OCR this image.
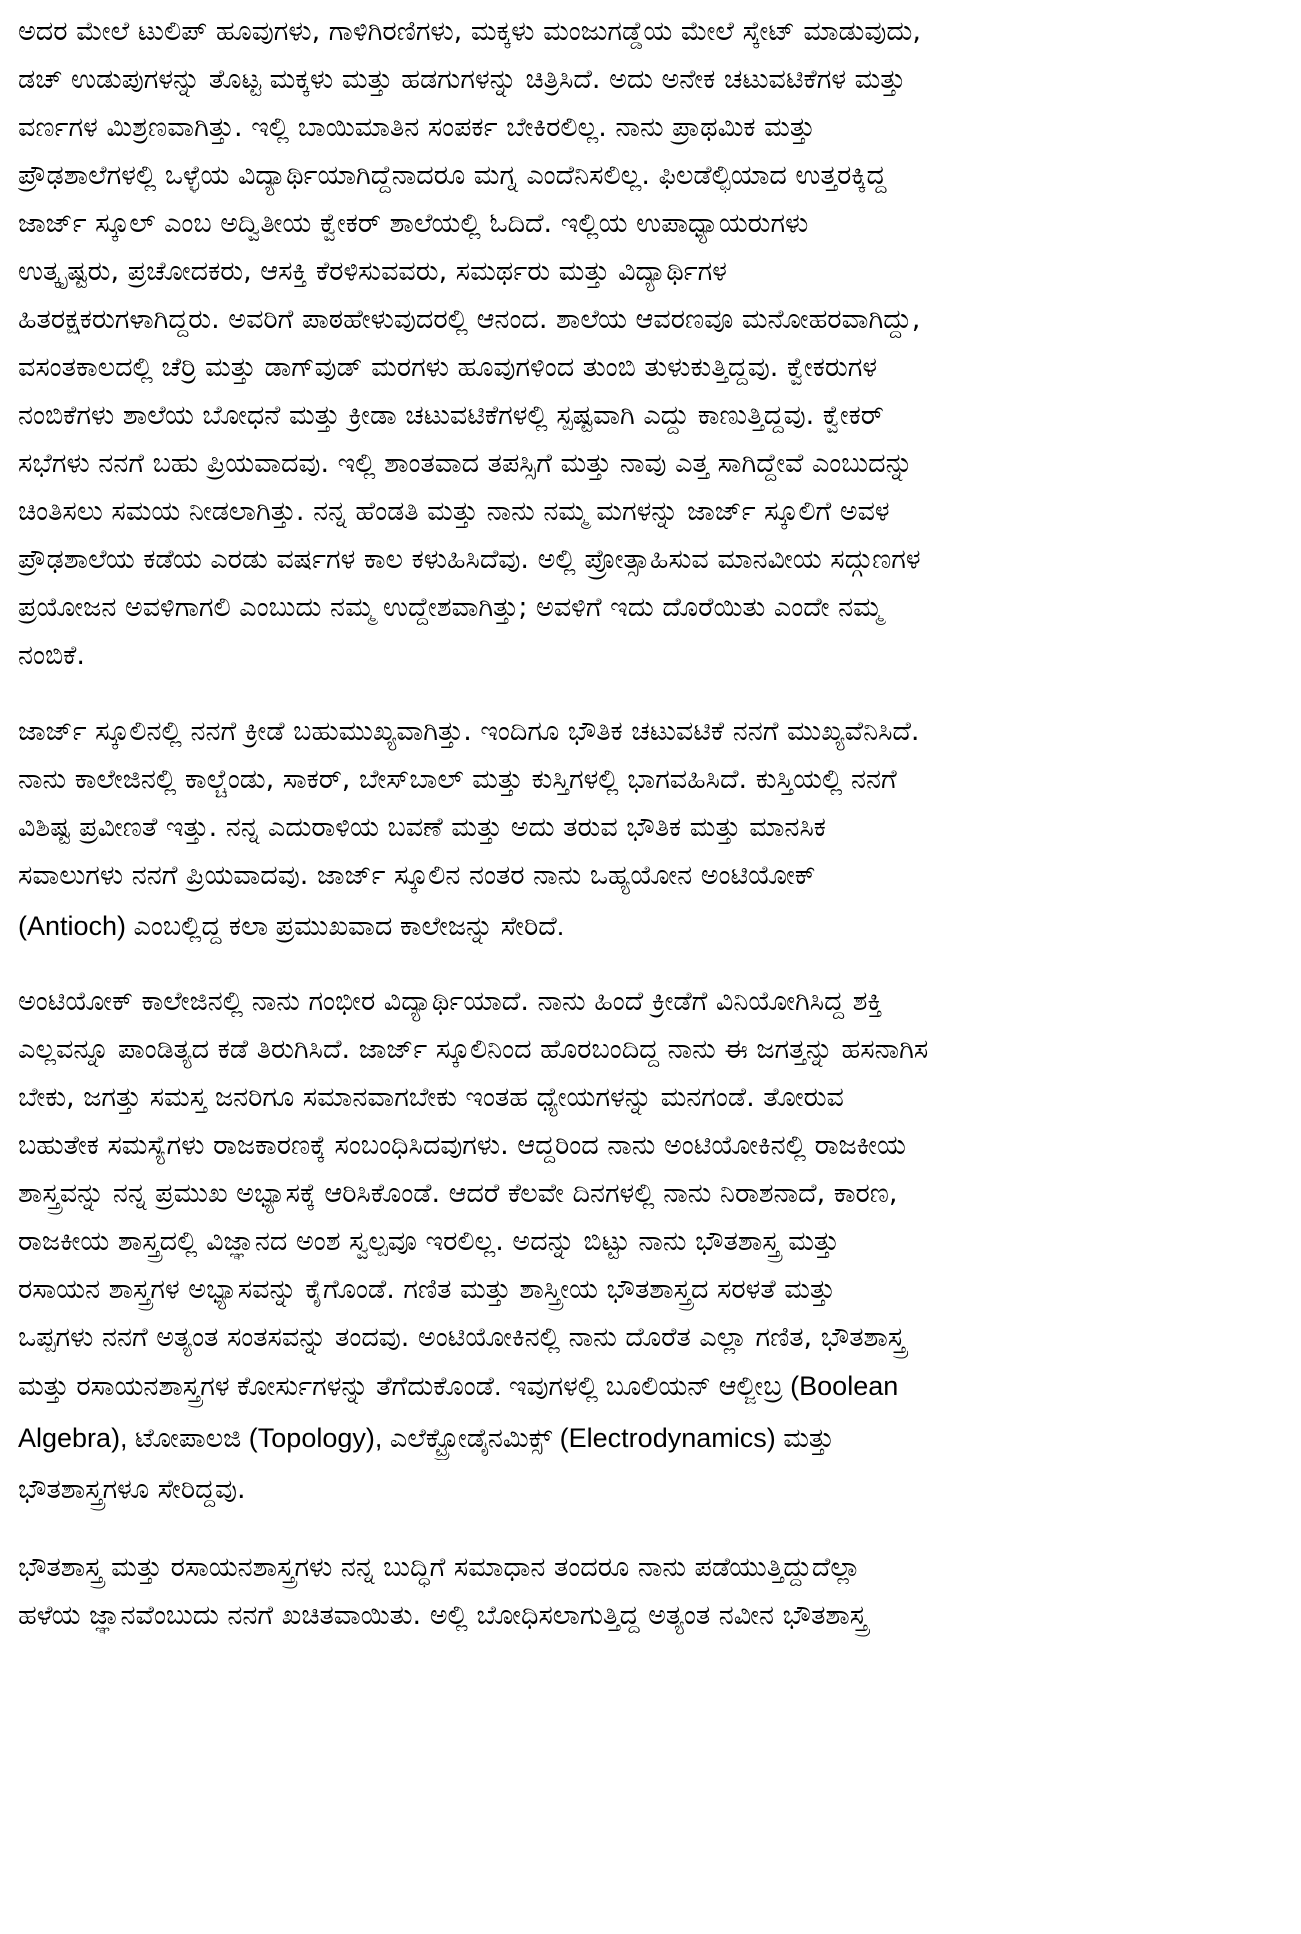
ಅದರ ಮೇಲೆ ಟುಲಿಪ್ ಹೂವುಗಳು, ಗಾಳಿಗಿರಣಿಗಳು, ಮಕ್ಕಳು ಮಂಜುಗಡ್ಡೆಯ ಮೇಲೆ ಸ್ಕೇಟ್ ಮಾಡುವುದು,
ಡಚ್ ಉಡುಪುಗಳನ್ನು ತೊಟ್ಟ ಮಕ್ಕಳು ಮತ್ತು ಹಡಗುಗಳನ್ನು ಚಿತ್ರಿಸಿದೆ. ಅದು ಅನೇಕ ಚಟುವಟಿಕೆಗಳ ಮತ್ತು
ವರ್ಣಗಳ ಮಿಶ್ರಣವಾಗಿತ್ತು. ಇಲ್ಲಿ ಬಾಯಿಮಾತಿನ ಸಂಪರ್ಕ ಬೇಕಿರಲಿಲ್ಲ. ನಾನು ಪ್ರಾಥಮಿಕ ಮತ್ತು
ಪ್ರೌಢಶಾಲೆಗಳಲ್ಲಿ ಒಳ್ಳೆಯ ವಿದ್ಯಾರ್ಥಿಯಾಗಿದ್ದೆನಾದರೂ ಮಗ್ನ ಎಂದೆನಿಸಲಿಲ್ಲ. ಫಿಲಡೆಲ್ಫಿಯಾದ ಉತ್ತರಕ್ಕಿದ್ದ
ಜಾರ್ಜ್ ಸ್ಕೂಲ್ ಎಂಬ ಅದ್ವಿತೀಯ ಕ್ವೇಕರ್ ಶಾಲೆಯಲ್ಲಿ ಓದಿದೆ. ಇಲ್ಲಿಯ ಉಪಾಧ್ಯಾಯರುಗಳು
ಉತ್ಕೃಷ್ಟರು, ಪ್ರಚೋದಕರು, ಆಸಕ್ತಿ ಕೆರಳಿಸುವವರು, ಸಮರ್ಥರು ಮತ್ತು ವಿದ್ಯಾರ್ಥಿಗಳ
ಹಿತರಕ್ಷಕರುಗಳಾಗಿದ್ದರು. ಅವರಿಗೆ ಪಾಠಹೇಳುವುದರಲ್ಲಿ ಆನಂದ. ಶಾಲೆಯ ಆವರಣವೂ ಮನೋಹರವಾಗಿದ್ದು,
ವಸಂತಕಾಲದಲ್ಲಿ ಚೆರ್ರಿ ಮತ್ತು ಡಾಗ್‌ವುಡ್ ಮರಗಳು ಹೂವುಗಳಿಂದ ತುಂಬಿ ತುಳುಕುತ್ತಿದ್ದವು. ಕ್ವೇಕರುಗಳ
ನಂಬಿಕೆಗಳು ಶಾಲೆಯ ಬೋಧನೆ ಮತ್ತು ಕ್ರೀಡಾ ಚಟುವಟಿಕೆಗಳಲ್ಲಿ ಸ್ಪಷ್ಟವಾಗಿ ಎದ್ದು ಕಾಣುತ್ತಿದ್ದವು. ಕ್ವೇಕರ್
ಸಭೆಗಳು ನನಗೆ ಬಹು ಪ್ರಿಯವಾದವು. ಇಲ್ಲಿ ಶಾಂತವಾದ ತಪಸ್ಸಿಗೆ ಮತ್ತು ನಾವು ಎತ್ತ ಸಾಗಿದ್ದೇವೆ ಎಂಬುದನ್ನು
ಚಿಂತಿಸಲು ಸಮಯ ನೀಡಲಾಗಿತ್ತು. ನನ್ನ ಹೆಂಡತಿ ಮತ್ತು ನಾನು ನಮ್ಮ ಮಗಳನ್ನು ಜಾರ್ಜ್ ಸ್ಕೂಲಿಗೆ ಅವಳ
ಪ್ರೌಢಶಾಲೆಯ ಕಡೆಯ ಎರಡು ವರ್ಷಗಳ ಕಾಲ ಕಳುಹಿಸಿದೆವು. ಅಲ್ಲಿ ಪ್ರೋತ್ಸಾಹಿಸುವ ಮಾನವೀಯ ಸದ್ಗುಣಗಳ
ಪ್ರಯೋಜನ ಅವಳಿಗಾಗಲಿ ಎಂಬುದು ನಮ್ಮ ಉದ್ದೇಶವಾಗಿತ್ತು; ಅವಳಿಗೆ ಇದು ದೊರೆಯಿತು ಎಂದೇ ನಮ್ಮ
ನಂಬಿಕೆ.
ಜಾರ್ಜ್ ಸ್ಕೂಲಿನಲ್ಲಿ ನನಗೆ ಕ್ರೀಡೆ ಬಹುಮುಖ್ಯವಾಗಿತ್ತು. ಇಂದಿಗೂ ಭೌತಿಕ ಚಟುವಟಿಕೆ ನನಗೆ ಮುಖ್ಯವೆನಿಸಿದೆ.
ನಾನು ಕಾಲೇಜಿನಲ್ಲಿ ಕಾಲ್ಚೆಂಡು, ಸಾಕರ್, ಬೇಸ್‌ಬಾಲ್ ಮತ್ತು ಕುಸ್ತಿಗಳಲ್ಲಿ ಭಾಗವಹಿಸಿದೆ. ಕುಸ್ತಿಯಲ್ಲಿ ನನಗೆ
ವಿಶಿಷ್ಟ ಪ್ರವೀಣತೆ ಇತ್ತು. ನನ್ನ ಎದುರಾಳಿಯ ಬವಣೆ ಮತ್ತು ಅದು ತರುವ ಭೌತಿಕ ಮತ್ತು ಮಾನಸಿಕ
ಸವಾಲುಗಳು ನನಗೆ ಪ್ರಿಯವಾದವು. ಜಾರ್ಜ್ ಸ್ಕೂಲಿನ ನಂತರ ನಾನು ಒಹ್ಯಯೋನ ಅಂಟಿಯೋಕ್
(Antioch) ಎಂಬಲ್ಲಿದ್ದ ಕಲಾ ಪ್ರಮುಖವಾದ ಕಾಲೇಜನ್ನು ಸೇರಿದೆ.
ಅಂಟಿಯೋಕ್ ಕಾಲೇಜಿನಲ್ಲಿ ನಾನು ಗಂಭೀರ ವಿದ್ಯಾರ್ಥಿಯಾದೆ. ನಾನು ಹಿಂದೆ ಕ್ರೀಡೆಗೆ ವಿನಿಯೋಗಿಸಿದ್ದ ಶಕ್ತಿ
ಎಲ್ಲವನ್ನೂ ಪಾಂಡಿತ್ಯದ ಕಡೆ ತಿರುಗಿಸಿದೆ. ಜಾರ್ಜ್ ಸ್ಕೂಲಿನಿಂದ ಹೊರಬಂದಿದ್ದ ನಾನು ಈ ಜಗತ್ತನ್ನು ಹಸನಾಗಿಸ
ಬೇಕು, ಜಗತ್ತು ಸಮಸ್ತ ಜನರಿಗೂ ಸಮಾನವಾಗಬೇಕು ಇಂತಹ ಧ್ಯೇಯಗಳನ್ನು ಮನಗಂಡೆ. ತೋರುವ
ಬಹುತೇಕ ಸಮಸ್ಯೆಗಳು ರಾಜಕಾರಣಕ್ಕೆ ಸಂಬಂಧಿಸಿದವುಗಳು. ಆದ್ದರಿಂದ ನಾನು ಅಂಟಿಯೋಕಿನಲ್ಲಿ ರಾಜಕೀಯ
ಶಾಸ್ತ್ರವನ್ನು ನನ್ನ ಪ್ರಮುಖ ಅಭ್ಯಾಸಕ್ಕೆ ಆರಿಸಿಕೊಂಡೆ. ಆದರೆ ಕೆಲವೇ ದಿನಗಳಲ್ಲಿ ನಾನು ನಿರಾಶನಾದೆ, ಕಾರಣ,
ರಾಜಕೀಯ ಶಾಸ್ತ್ರದಲ್ಲಿ ವಿಜ್ಞಾನದ ಅಂಶ ಸ್ವಲ್ಪವೂ ಇರಲಿಲ್ಲ. ಅದನ್ನು ಬಿಟ್ಟು ನಾನು ಭೌತಶಾಸ್ತ್ರ ಮತ್ತು
ರಸಾಯನ ಶಾಸ್ತ್ರಗಳ ಅಭ್ಯಾಸವನ್ನು ಕೈಗೊಂಡೆ. ಗಣಿತ ಮತ್ತು ಶಾಸ್ತ್ರೀಯ ಭೌತಶಾಸ್ತ್ರದ ಸರಳತೆ ಮತ್ತು
ಒಪ್ಪಗಳು ನನಗೆ ಅತ್ಯಂತ ಸಂತಸವನ್ನು ತಂದವು. ಅಂಟಿಯೋಕಿನಲ್ಲಿ ನಾನು ದೊರೆತ ಎಲ್ಲಾ ಗಣಿತ, ಭೌತಶಾಸ್ತ್ರ
ಮತ್ತು ರಸಾಯನಶಾಸ್ತ್ರಗಳ ಕೋರ್ಸುಗಳನ್ನು ತೆಗೆದುಕೊಂಡೆ. ಇವುಗಳಲ್ಲಿ ಬೂಲಿಯನ್ ಆಲ್ಜೀಬ್ರ (Boolean
Algebra), ಟೋಪಾಲಜಿ (Topology), ಎಲೆಕ್ಟ್ರೋಡೈನಮಿಕ್ಸ್ (Electrodynamics) ಮತ್ತು
ಭೌತಶಾಸ್ತ್ರಗಳೂ ಸೇರಿದ್ದವು.
ಭೌತಶಾಸ್ತ್ರ ಮತ್ತು ರಸಾಯನಶಾಸ್ತ್ರಗಳು ನನ್ನ ಬುದ್ಧಿಗೆ ಸಮಾಧಾನ ತಂದರೂ ನಾನು ಪಡೆಯುತ್ತಿದ್ದುದೆಲ್ಲಾ
ಹಳೆಯ ಜ್ಞಾನವೆಂಬುದು ನನಗೆ ಖಚಿತವಾಯಿತು. ಅಲ್ಲಿ ಬೋಧಿಸಲಾಗುತ್ತಿದ್ದ ಅತ್ಯಂತ ನವೀನ ಭೌತಶಾಸ್ತ್ರ
